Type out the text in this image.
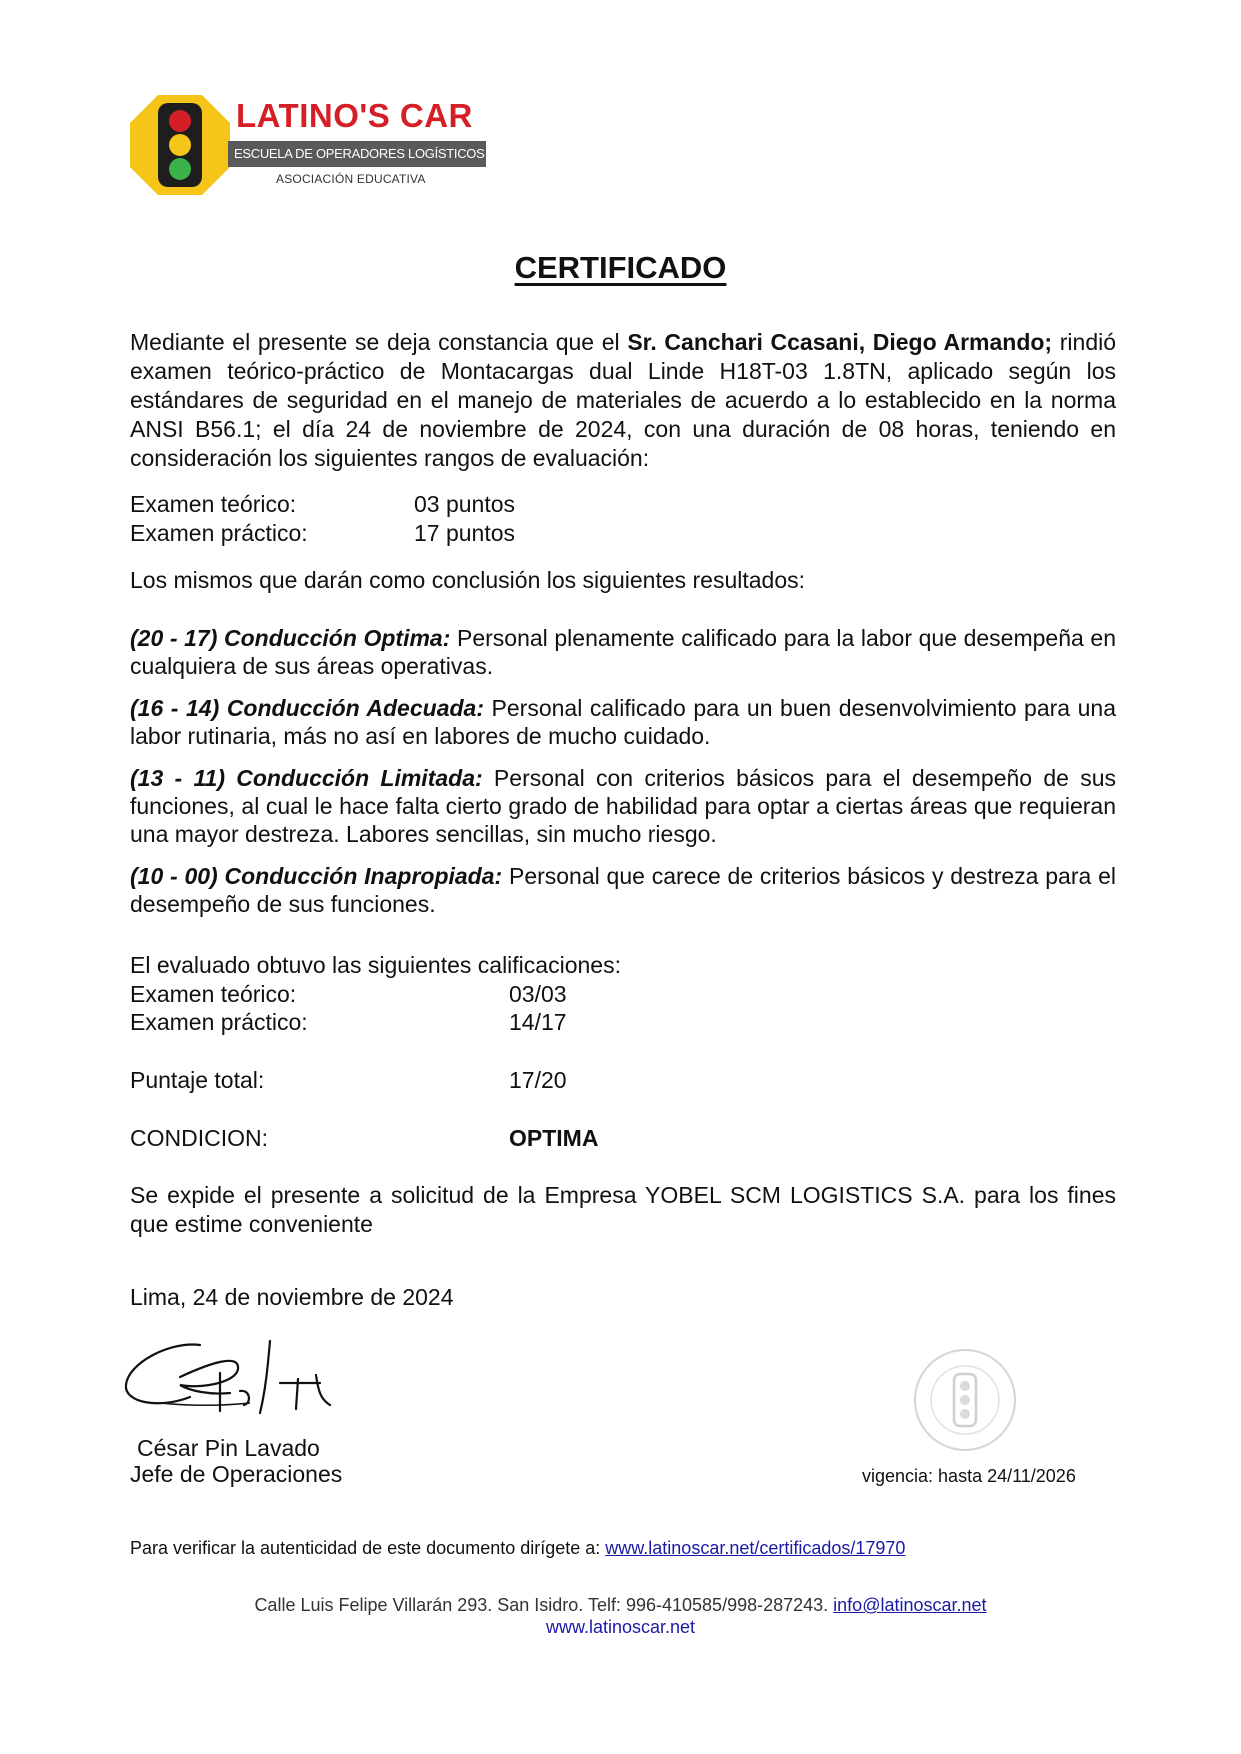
LATINO'S CAR
ESCUELA DE OPERADORES LOGÍSTICOS
ASOCIACIÓN EDUCATIVA
CERTIFICADO
Mediante el presente se deja constancia que el Sr. Canchari Ccasani, Diego Armando; rindió examen teórico-práctico de Montacargas dual Linde H18T-03 1.8TN, aplicado según los estándares de seguridad en el manejo de materiales de acuerdo a lo establecido en la norma ANSI B56.1; el día 24 de noviembre de 2024, con una duración de 08 horas, teniendo en consideración los siguientes rangos de evaluación:
Examen teórico:	03 puntos
Examen práctico:	17 puntos
Los mismos que darán como conclusión los siguientes resultados:
(20 - 17) Conducción Optima: Personal plenamente calificado para la labor que desempeña en cualquiera de sus áreas operativas.
(16 - 14) Conducción Adecuada: Personal calificado para un buen desenvolvimiento para una labor rutinaria, más no así en labores de mucho cuidado.
(13 - 11) Conducción Limitada: Personal con criterios básicos para el desempeño de sus funciones, al cual le hace falta cierto grado de habilidad para optar a ciertas áreas que requieran una mayor destreza. Labores sencillas, sin mucho riesgo.
(10 - 00) Conducción Inapropiada: Personal que carece de criterios básicos y destreza para el desempeño de sus funciones.
El evaluado obtuvo las siguientes calificaciones:
Examen teórico:	03/03
Examen práctico:	14/17
Puntaje total:	17/20
CONDICION:	OPTIMA
Se expide el presente a solicitud de la Empresa YOBEL SCM LOGISTICS S.A. para los fines que estime conveniente
Lima, 24 de noviembre de 2024
César Pin Lavado
Jefe de Operaciones	vigencia: hasta 24/11/2026
Para verificar la autenticidad de este documento dirígete a: www.latinoscar.net/certificados/17970
Calle Luis Felipe Villarán 293. San Isidro. Telf: 996-410585/998-287243. info@latinoscar.net
www.latinoscar.net
